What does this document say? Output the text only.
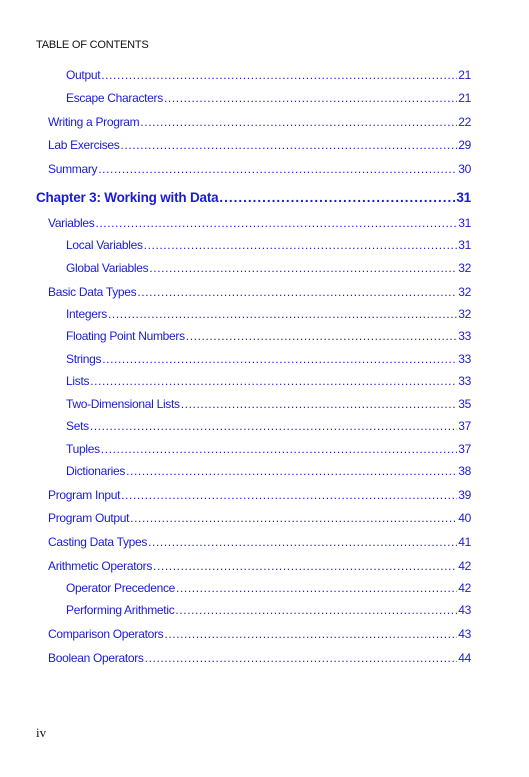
TABLE OF CONTENTS
Output .....	21
Escape Characters .....	21
Writing a Program .....	22
Lab Exercises .....	29
Summary .....	30
Chapter 3: Working with Data .....	31
Variables .....	31
Local Variables .....	31
Global Variables .....	32
Basic Data Types .....	32
Integers .....	32
Floating Point Numbers .....	33
Strings .....	33
Lists .....	33
Two-Dimensional Lists .....	35
Sets .....	37
Tuples .....	37
Dictionaries .....	38
Program Input .....	39
Program Output .....	40
Casting Data Types .....	41
Arithmetic Operators .....	42
Operator Precedence .....	42
Performing Arithmetic .....	43
Comparison Operators .....	43
Boolean Operators .....	44
iv
